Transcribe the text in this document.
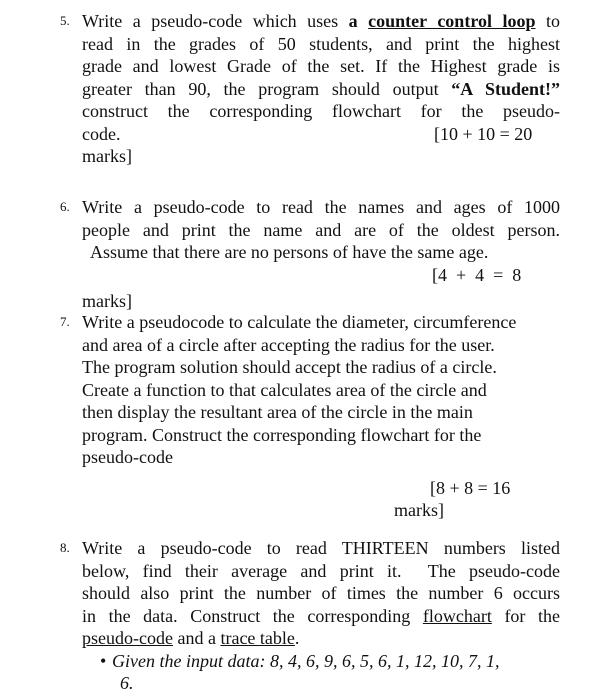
5. Write a pseudo-code which uses a counter control loop to
read in the grades of 50 students, and print the highest
grade and lowest Grade of the set. If the Highest grade is
greater than 90, the program should output “A Student!”
construct the corresponding flowchart for the pseudo-
code.	[10 + 10 = 20
marks]
6. Write a pseudo-code to read the names and ages of 1000
people and print the name and are of the oldest person.
Assume that there are no persons of have the same age.
[4  +  4  =  8
marks]
7. Write a pseudocode to calculate the diameter, circumference
and area of a circle after accepting the radius for the user.
The program solution should accept the radius of a circle.
Create a function to that calculates area of the circle and
then display the resultant area of the circle in the main
program. Construct the corresponding flowchart for the
pseudo-code
[8 + 8 = 16
marks]
8. Write a pseudo-code to read THIRTEEN numbers listed
below, find their average and print it.  The pseudo-code
should also print the number of times the number 6 occurs
in the data. Construct the corresponding flowchart for the
pseudo-code and a trace table.
• Given the input data: 8, 4, 6, 9, 6, 5, 6, 1, 12, 10, 7, 1,
6.
